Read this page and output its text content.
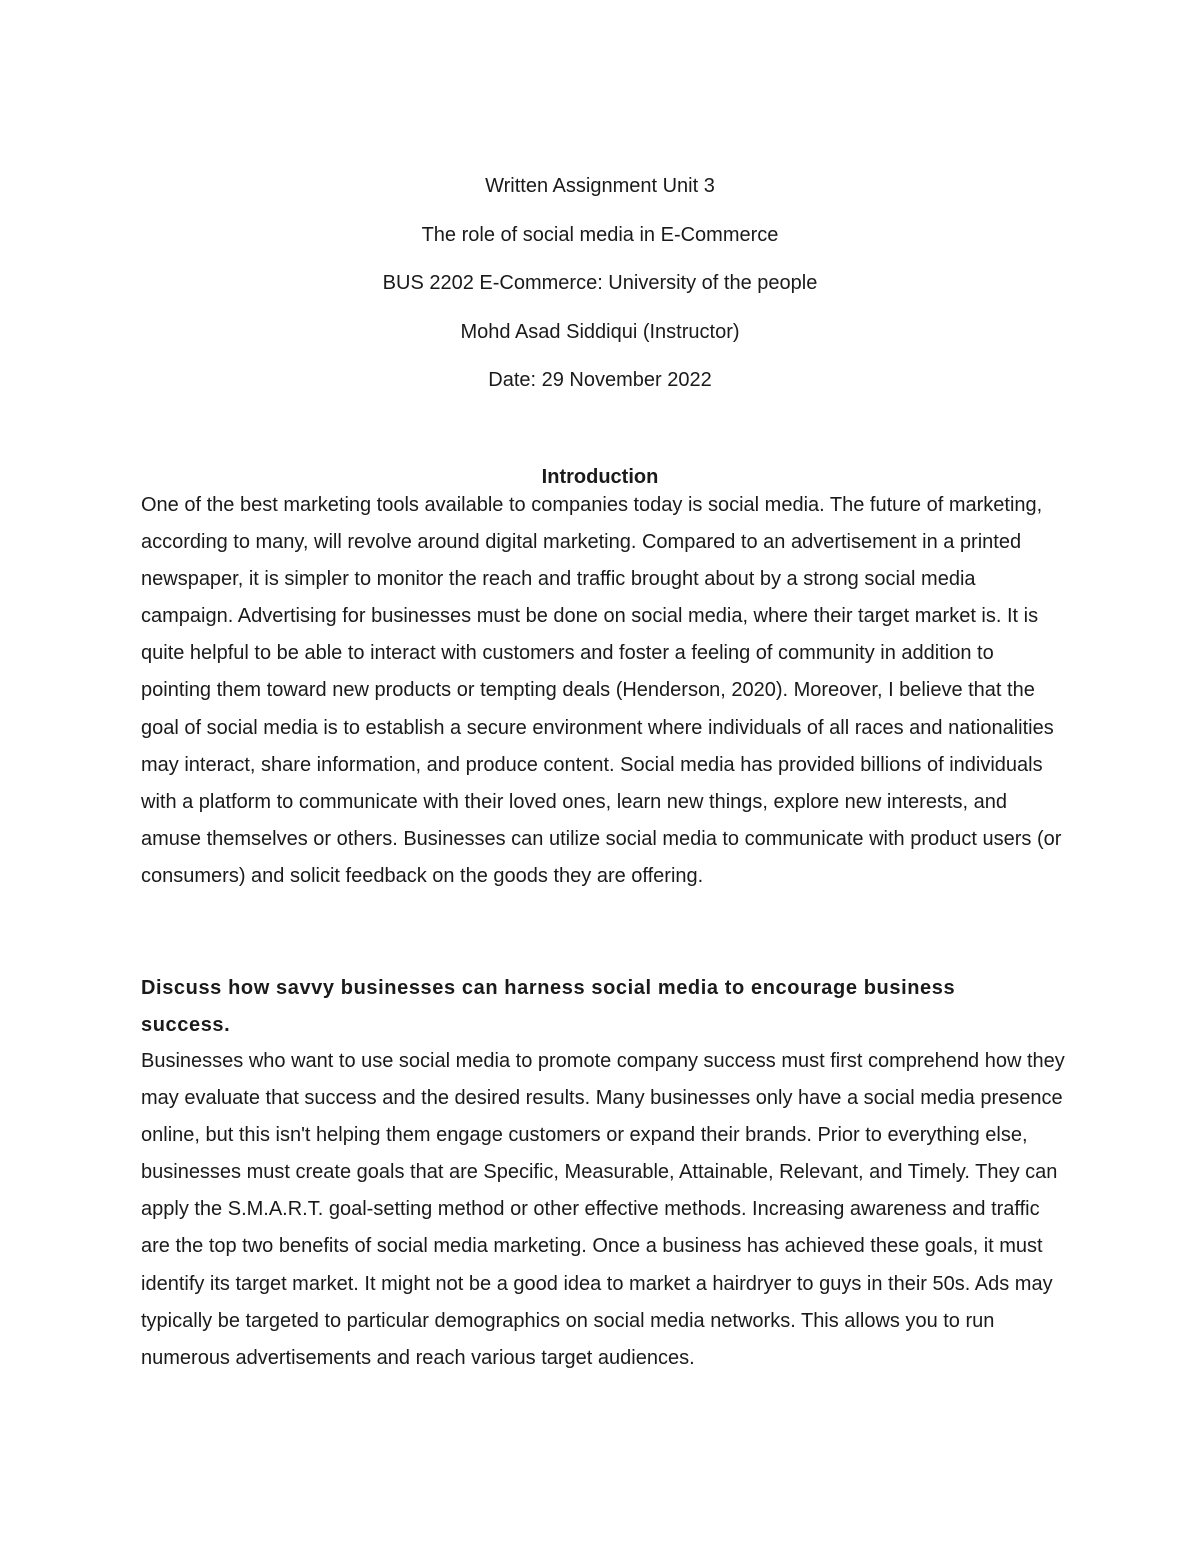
Written Assignment Unit 3

The role of social media in E-Commerce

BUS 2202 E-Commerce: University of the people

Mohd Asad Siddiqui (Instructor)

Date: 29 November 2022

Introduction

One of the best marketing tools available to companies today is social media. The future of marketing, according to many, will revolve around digital marketing. Compared to an advertisement in a printed newspaper, it is simpler to monitor the reach and traffic brought about by a strong social media campaign. Advertising for businesses must be done on social media, where their target market is. It is quite helpful to be able to interact with customers and foster a feeling of community in addition to pointing them toward new products or tempting deals (Henderson, 2020). Moreover, I believe that the goal of social media is to establish a secure environment where individuals of all races and nationalities may interact, share information, and produce content. Social media has provided billions of individuals with a platform to communicate with their loved ones, learn new things, explore new interests, and amuse themselves or others. Businesses can utilize social media to communicate with product users (or consumers) and solicit feedback on the goods they are offering.

Discuss how savvy businesses can harness social media to encourage business success.

Businesses who want to use social media to promote company success must first comprehend how they may evaluate that success and the desired results. Many businesses only have a social media presence online, but this isn't helping them engage customers or expand their brands. Prior to everything else, businesses must create goals that are Specific, Measurable, Attainable, Relevant, and Timely. They can apply the S.M.A.R.T. goal-setting method or other effective methods. Increasing awareness and traffic are the top two benefits of social media marketing. Once a business has achieved these goals, it must identify its target market. It might not be a good idea to market a hairdryer to guys in their 50s. Ads may typically be targeted to particular demographics on social media networks. This allows you to run numerous advertisements and reach various target audiences.
